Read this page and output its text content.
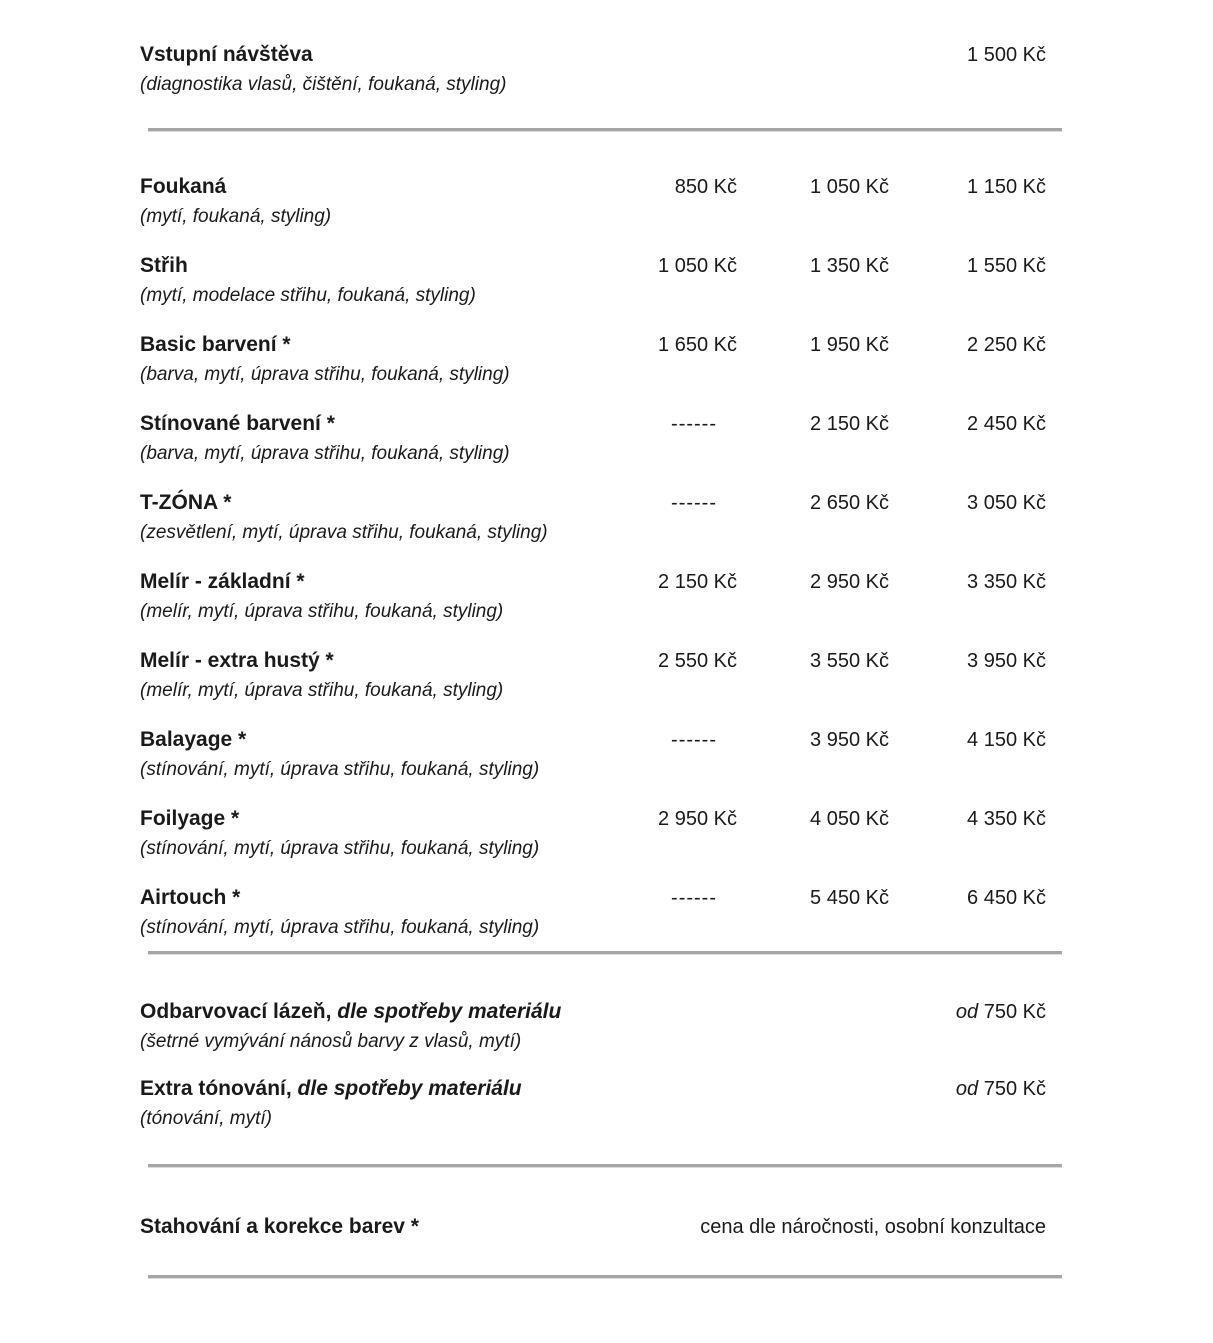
Vstupní návštěva
(diagnostika vlasů, čištění, foukaná, styling)
1 500 Kč
Foukaná
(mytí, foukaná, styling)
850 Kč	1 050 Kč	1 150 Kč
Střih
(mytí, modelace střihu, foukaná, styling)
1 050 Kč	1 350 Kč	1 550 Kč
Basic barvení *
(barva, mytí, úprava střihu, foukaná, styling)
1 650 Kč	1 950 Kč	2 250 Kč
Stínované barvení *
(barva, mytí, úprava střihu, foukaná, styling)
------	2 150 Kč	2 450 Kč
T-ZÓNA *
(zesvětlení, mytí, úprava střihu, foukaná, styling)
------	2 650 Kč	3 050 Kč
Melír - základní *
(melír, mytí, úprava střihu, foukaná, styling)
2 150 Kč	2 950 Kč	3 350 Kč
Melír - extra hustý *
(melír, mytí, úprava střihu, foukaná, styling)
2 550 Kč	3 550 Kč	3 950 Kč
Balayage *
(stínování, mytí, úprava střihu, foukaná, styling)
------	3 950 Kč	4 150 Kč
Foilyage *
(stínování, mytí, úprava střihu, foukaná, styling)
2 950 Kč	4 050 Kč	4 350 Kč
Airtouch *
(stínování, mytí, úprava střihu, foukaná, styling)
------	5 450 Kč	6 450 Kč
Odbarvovací lázeň, dle spotřeby materiálu
(šetrné vymývání nánosů barvy z vlasů, mytí)
od 750 Kč
Extra tónování, dle spotřeby materiálu
(tónování, mytí)
od 750 Kč
Stahování a korekce barev *	cena dle náročnosti, osobní konzultace
